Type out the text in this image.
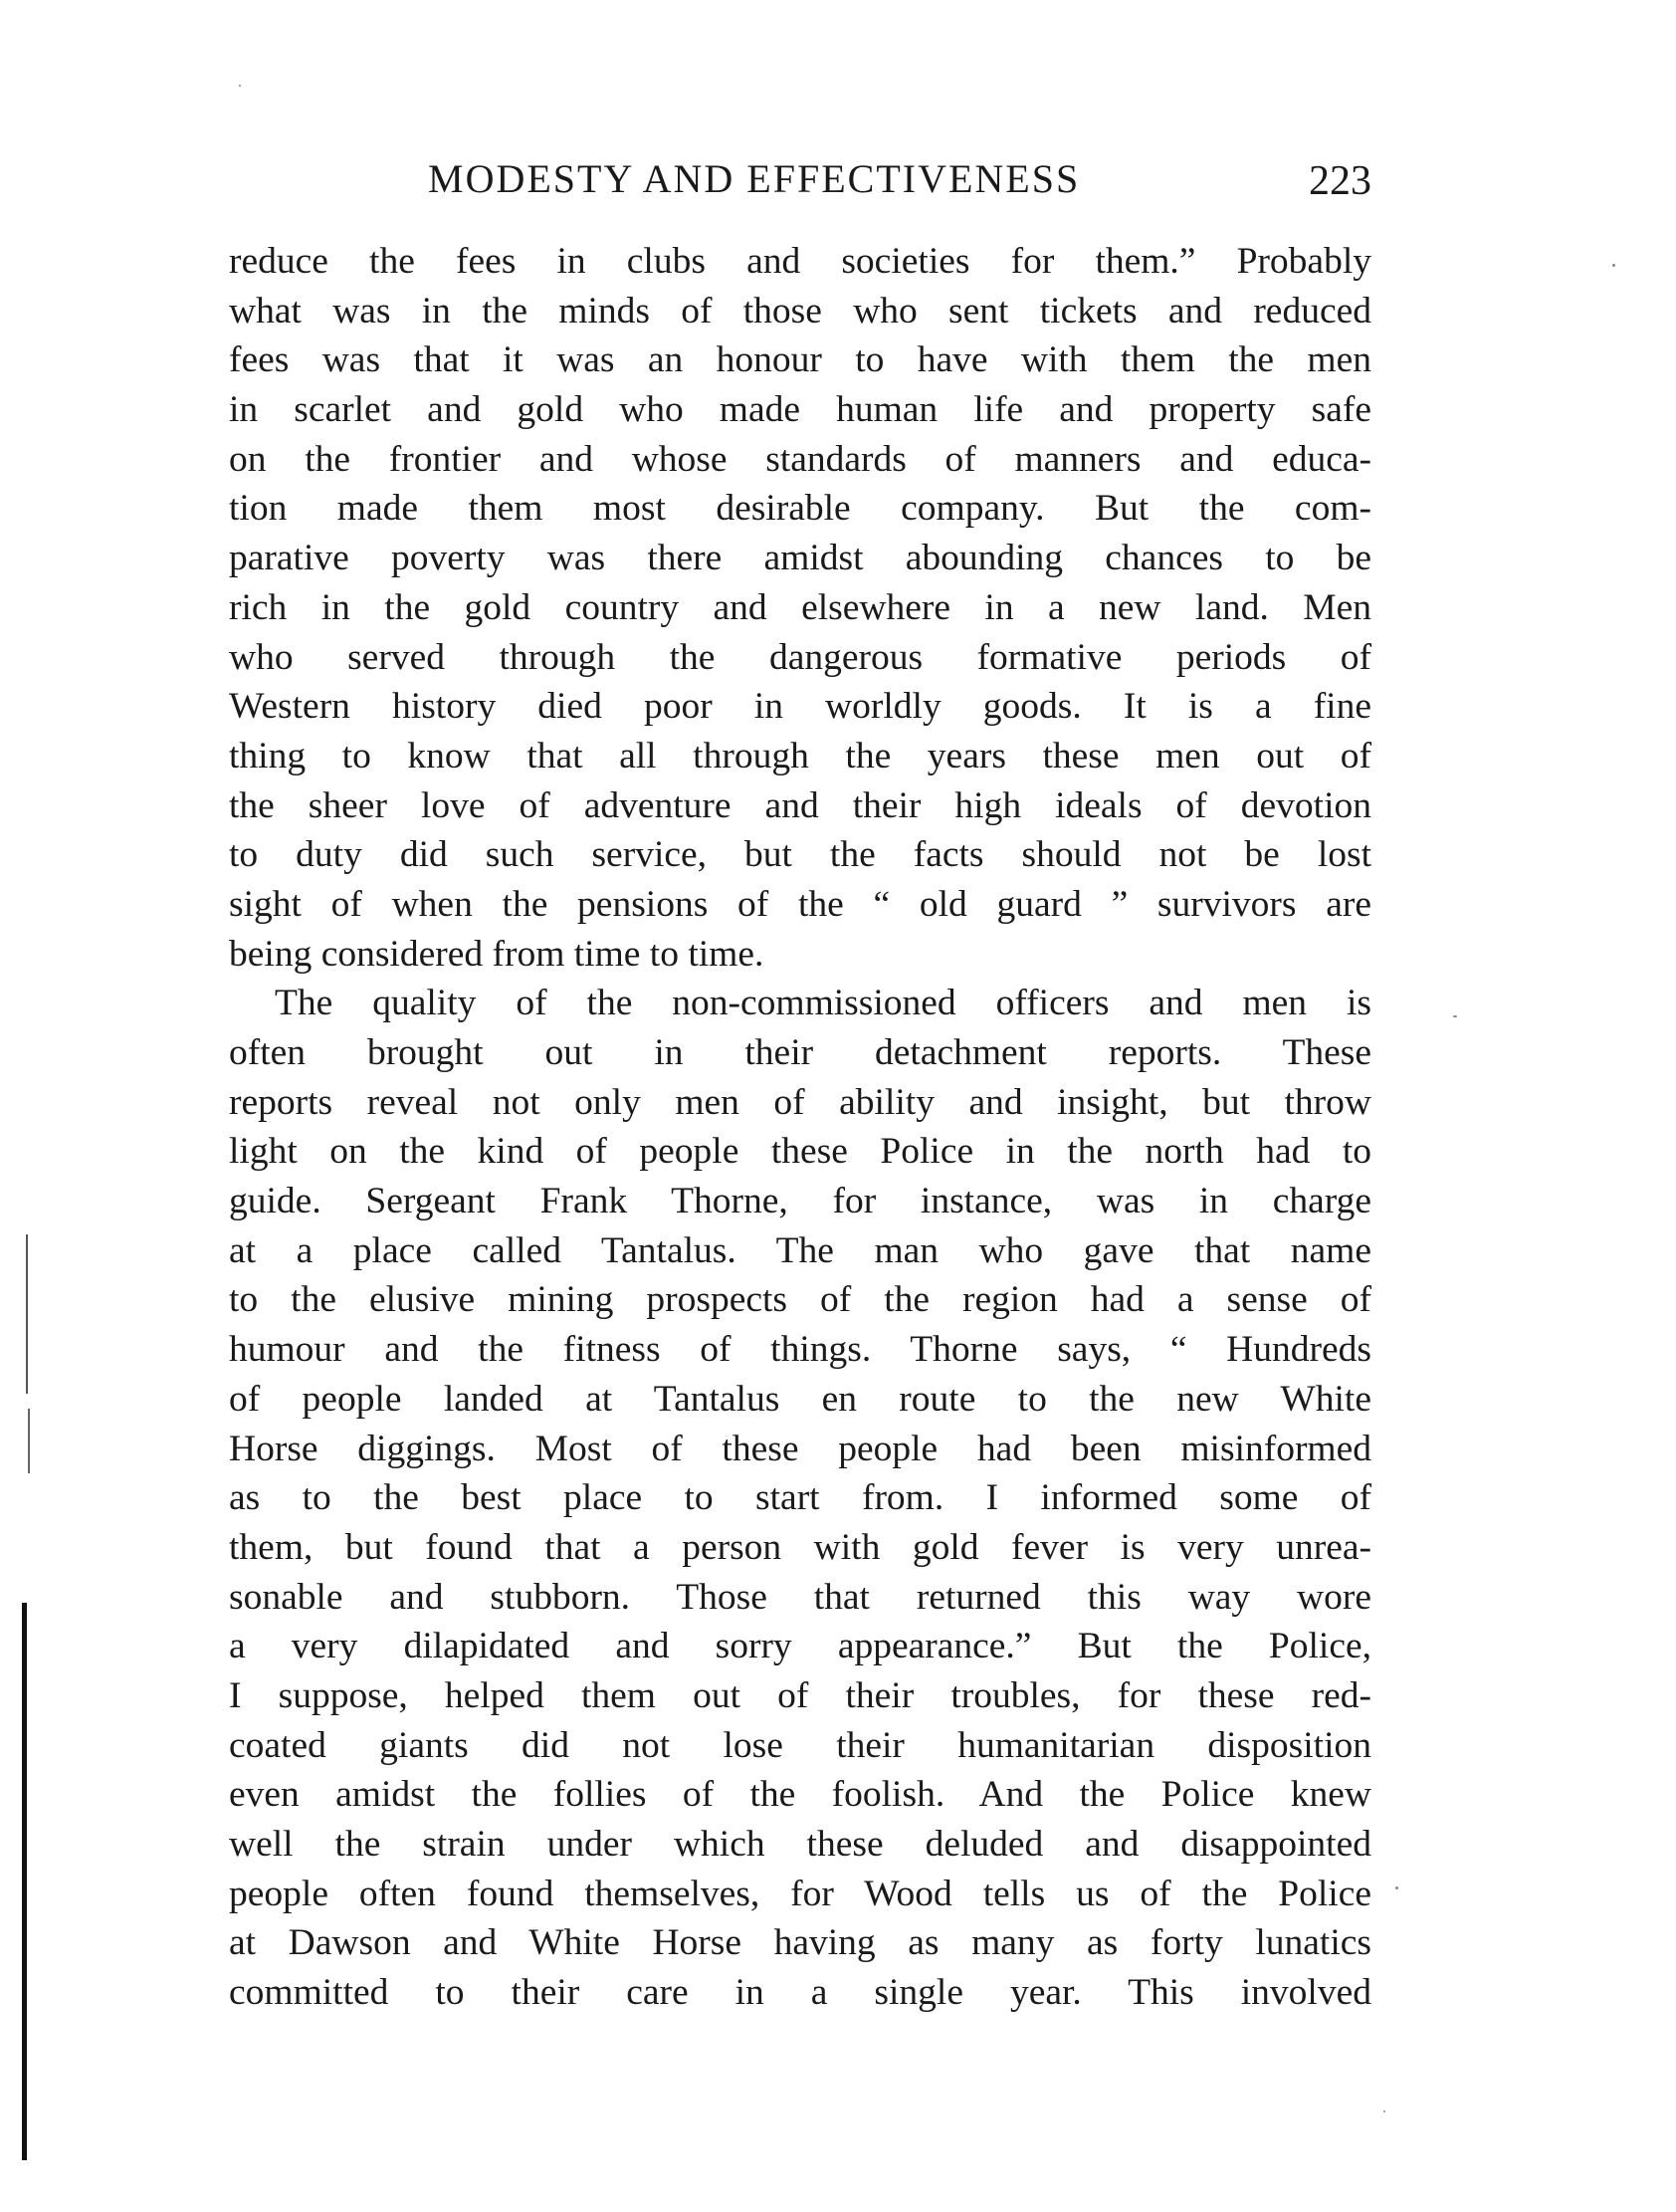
MODESTY AND EFFECTIVENESS	223
reduce the fees in clubs and societies for them.” Probably
what was in the minds of those who sent tickets and reduced
fees was that it was an honour to have with them the men
in scarlet and gold who made human life and property safe
on the frontier and whose standards of manners and educa-
tion made them most desirable company. But the com-
parative poverty was there amidst abounding chances to be
rich in the gold country and elsewhere in a new land. Men
who served through the dangerous formative periods of
Western history died poor in worldly goods. It is a fine
thing to know that all through the years these men out of
the sheer love of adventure and their high ideals of devotion
to duty did such service, but the facts should not be lost
sight of when the pensions of the “ old guard ” survivors are
being considered from time to time.
The quality of the non-commissioned officers and men is
often brought out in their detachment reports. These
reports reveal not only men of ability and insight, but throw
light on the kind of people these Police in the north had to
guide. Sergeant Frank Thorne, for instance, was in charge
at a place called Tantalus. The man who gave that name
to the elusive mining prospects of the region had a sense of
humour and the fitness of things. Thorne says, “ Hundreds
of people landed at Tantalus en route to the new White
Horse diggings. Most of these people had been misinformed
as to the best place to start from. I informed some of
them, but found that a person with gold fever is very unrea-
sonable and stubborn. Those that returned this way wore
a very dilapidated and sorry appearance.” But the Police,
I suppose, helped them out of their troubles, for these red-
coated giants did not lose their humanitarian disposition
even amidst the follies of the foolish. And the Police knew
well the strain under which these deluded and disappointed
people often found themselves, for Wood tells us of the Police
at Dawson and White Horse having as many as forty lunatics
committed to their care in a single year. This involved
